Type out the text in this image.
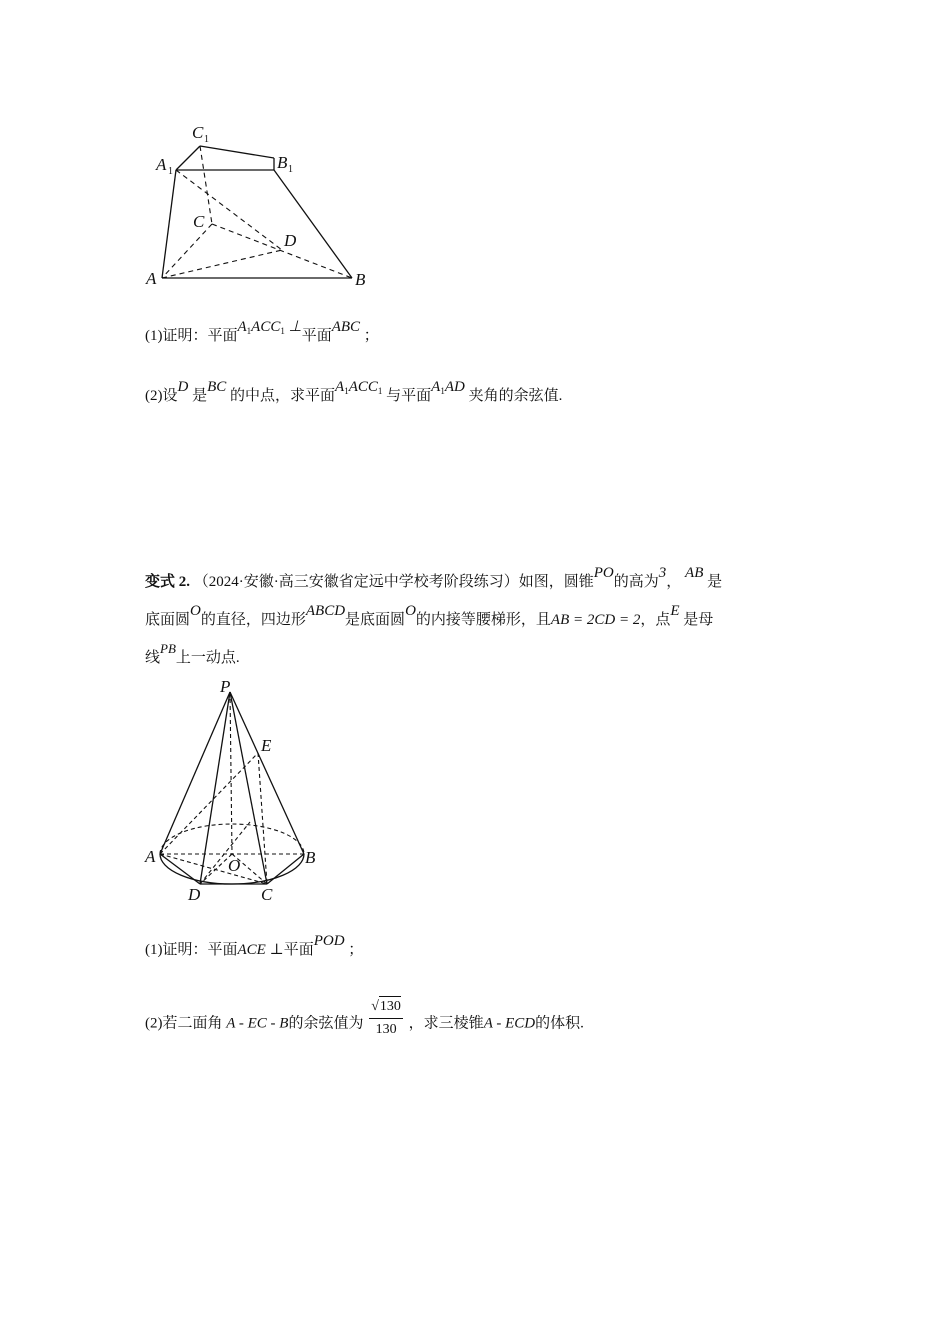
C 1
A 1	B 1
C
D
A	B
(1)证明：平面$A_1ACC_1$ ⊥平面ABC ；
(2)设D 是BC 的中点，求平面$A_1ACC_1$ 与平面$A_1AD$ 夹角的余弦值.
变式 2. （2024·安徽·高三安徽省定远中学校考阶段练习）如图，圆锥PO的高为3， AB 是
底面圆O的直径，四边形ABCD是底面圆O的内接等腰梯形，且AB = 2CD = 2，点E 是母
线PB上一动点.
P
E
A	B
O
D	C
(1)证明：平面ACE ⊥平面POD ；
(2)若二面角 A - EC - B的余弦值为 $\frac{√130}{130}$ ，求三棱锥A - ECD的体积.
